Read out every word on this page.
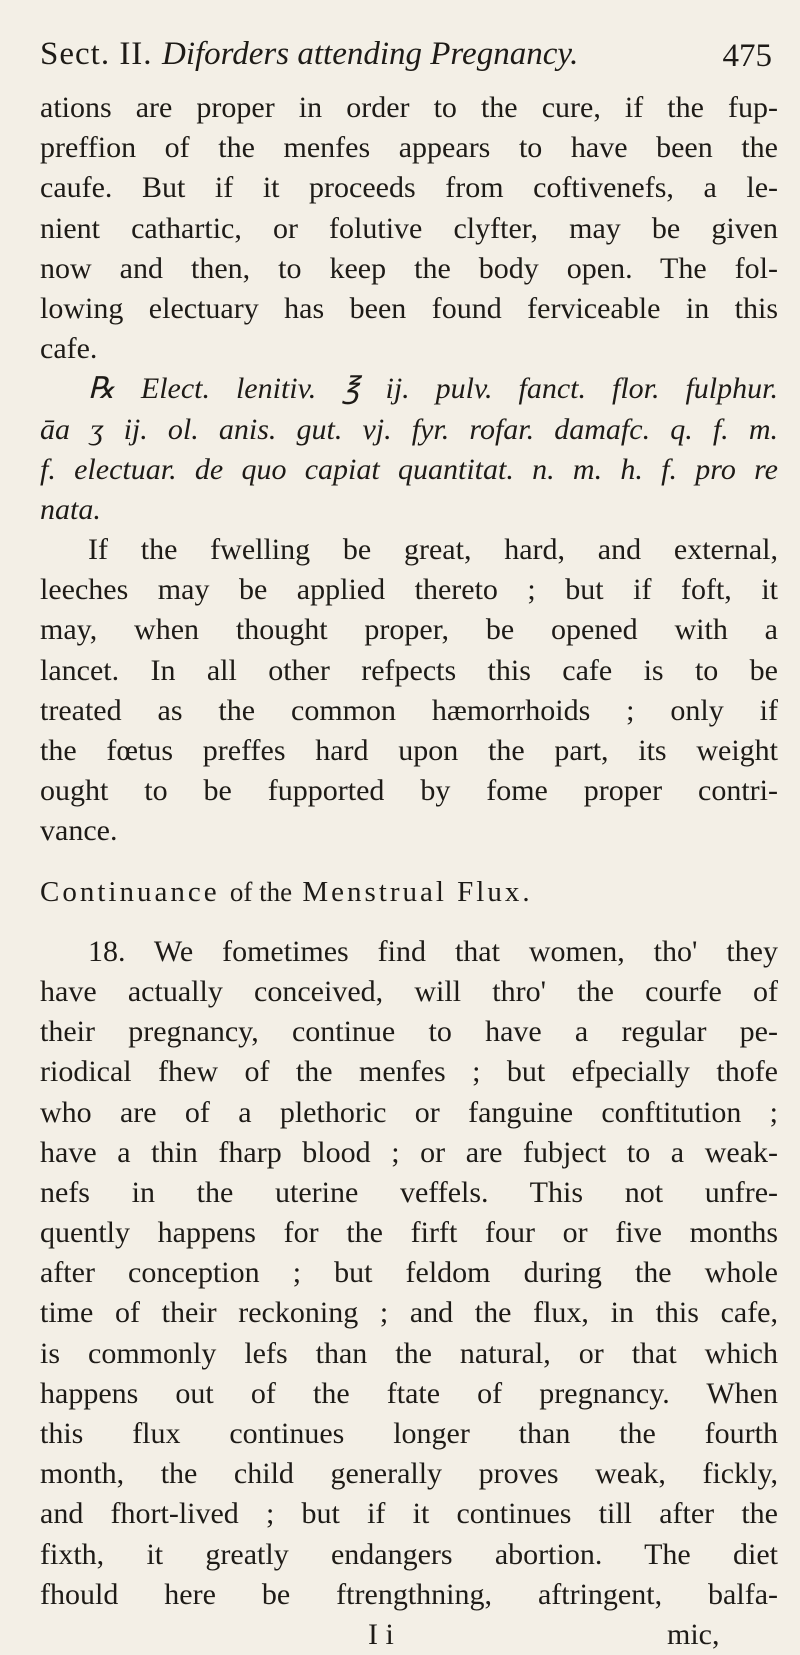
Sect. II. Diforders attending Pregnancy.	475
ations are proper in order to the cure, if the fup-
preffion of the menfes appears to have been the
caufe. But if it proceeds from coftivenefs, a le-
nient cathartic, or folutive clyfter, may be given
now and then, to keep the body open. The fol-
lowing electuary has been found ferviceable in this
cafe.
℞ Elect. lenitiv. ℥ ij. pulv. fanct. flor. fulphur.
āa ʒ ij. ol. anis. gut. vj. fyr. rofar. damafc. q. f. m.
f. electuar. de quo capiat quantitat. n. m. h. f. pro re
nata.
If the fwelling be great, hard, and external,
leeches may be applied thereto ; but if foft, it
may, when thought proper, be opened with a
lancet. In all other refpects this cafe is to be
treated as the common hæmorrhoids ; only if
the fœtus preffes hard upon the part, its weight
ought to be fupported by fome proper contri-
vance.
Continuance of the Menstrual Flux.
18. We fometimes find that women, tho' they
have actually conceived, will thro' the courfe of
their pregnancy, continue to have a regular pe-
riodical fhew of the menfes ; but efpecially thofe
who are of a plethoric or fanguine conftitution ;
have a thin fharp blood ; or are fubject to a weak-
nefs in the uterine veffels. This not unfre-
quently happens for the firft four or five months
after conception ; but feldom during the whole
time of their reckoning ; and the flux, in this cafe,
is commonly lefs than the natural, or that which
happens out of the ftate of pregnancy. When
this flux continues longer than the fourth
month, the child generally proves weak, fickly,
and fhort-lived ; but if it continues till after the
fixth, it greatly endangers abortion. The diet
fhould here be ftrengthning, aftringent, balfa-
I i	mic,
